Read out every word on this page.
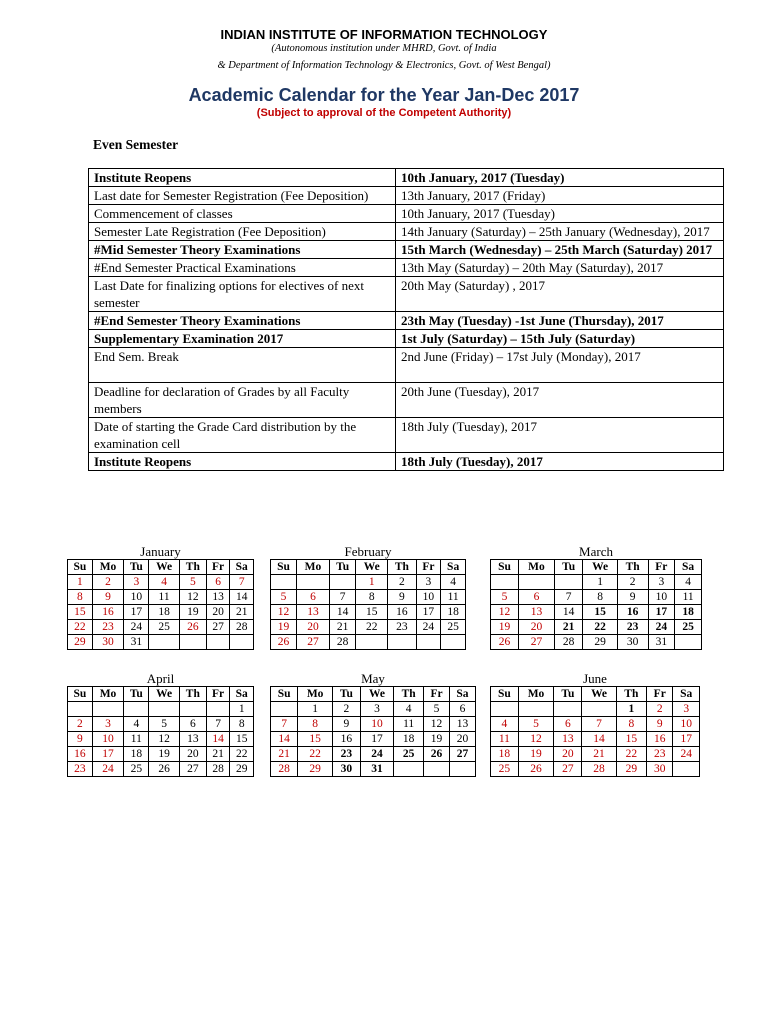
INDIAN INSTITUTE OF INFORMATION TECHNOLOGY
(Autonomous institution under MHRD, Govt. of India
& Department of Information Technology & Electronics, Govt. of West Bengal)
Academic Calendar for the Year Jan-Dec 2017
(Subject to approval of the Competent Authority)
Even Semester
Institute Reopens	10th January, 2017 (Tuesday)
Last date for Semester Registration (Fee Deposition)	13th January, 2017 (Friday)
Commencement of classes	10th January, 2017 (Tuesday)
Semester Late Registration (Fee Deposition)	14th January (Saturday) – 25th January (Wednesday), 2017
#Mid Semester Theory Examinations	15th March (Wednesday) – 25th March (Saturday) 2017
#End Semester Practical Examinations	13th May (Saturday) – 20th May (Saturday), 2017
Last Date for finalizing options for electives of next semester	20th May (Saturday) , 2017
#End Semester Theory Examinations	23th May (Tuesday) -1st June (Thursday), 2017
Supplementary Examination 2017	1st July (Saturday) – 15th July (Saturday)
End Sem. Break	2nd June (Friday) – 17st July (Monday), 2017
Deadline for declaration of Grades by all Faculty members	20th June (Tuesday), 2017
Date of starting the Grade Card distribution by the examination cell	18th July (Tuesday), 2017
Institute Reopens	18th July (Tuesday), 2017
January
Su	Mo	Tu	We	Th	Fr	Sa
1	2	3	4	5	6	7
8	9	10	11	12	13	14
15	16	17	18	19	20	21
22	23	24	25	26	27	28
29	30	31				
February
Su	Mo	Tu	We	Th	Fr	Sa
			1	2	3	4
5	6	7	8	9	10	11
12	13	14	15	16	17	18
19	20	21	22	23	24	25
26	27	28				
March
Su	Mo	Tu	We	Th	Fr	Sa
			1	2	3	4
5	6	7	8	9	10	11
12	13	14	15	16	17	18
19	20	21	22	23	24	25
26	27	28	29	30	31	
April
Su	Mo	Tu	We	Th	Fr	Sa
						1
2	3	4	5	6	7	8
9	10	11	12	13	14	15
16	17	18	19	20	21	22
23	24	25	26	27	28	29
May
Su	Mo	Tu	We	Th	Fr	Sa
	1	2	3	4	5	6
7	8	9	10	11	12	13
14	15	16	17	18	19	20
21	22	23	24	25	26	27
28	29	30	31			
June
Su	Mo	Tu	We	Th	Fr	Sa
				1	2	3
4	5	6	7	8	9	10
11	12	13	14	15	16	17
18	19	20	21	22	23	24
25	26	27	28	29	30	
